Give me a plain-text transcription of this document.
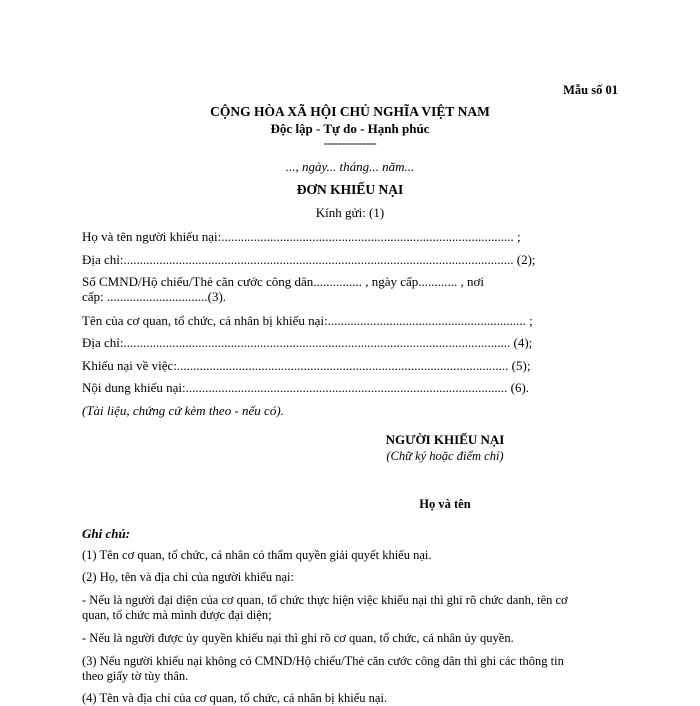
Mẫu số 01
CỘNG HÒA XÃ HỘI CHỦ NGHĨA VIỆT NAM
Độc lập - Tự do - Hạnh phúc
---------------
..., ngày... tháng... năm...
ĐƠN KHIẾU NẠI
Kính gửi: (1)
Họ và tên người khiếu nại:.......................................................................................... ;
Địa chỉ:........................................................................................................................ (2);
Số CMND/Hộ chiếu/Thẻ căn cước công dân............... , ngày cấp............ , nơi
cấp: ...............................(3).
Tên của cơ quan, tổ chức, cá nhân bị khiếu nại:............................................................. ;
Địa chỉ:....................................................................................................................... (4);
Khiếu nại về việc:...................................................................................................... (5);
Nội dung khiếu nại:................................................................................................... (6).
(Tài liệu, chứng cứ kèm theo - nếu có).
NGƯỜI KHIẾU NẠI
(Chữ ký hoặc điểm chỉ)
Họ và tên
Ghi chú:
(1) Tên cơ quan, tổ chức, cá nhân có thẩm quyền giải quyết khiếu nại.
(2) Họ, tên và địa chỉ của người khiếu nại:
- Nếu là người đại diện của cơ quan, tổ chức thực hiện việc khiếu nại thì ghi rõ chức danh, tên cơ
quan, tổ chức mà mình được đại diện;
- Nếu là người được ủy quyền khiếu nại thì ghi rõ cơ quan, tổ chức, cá nhân ủy quyền.
(3) Nếu người khiếu nại không có CMND/Hộ chiếu/Thẻ căn cước công dân thì ghi các thông tin
theo giấy tờ tùy thân.
(4) Tên và địa chỉ của cơ quan, tổ chức, cá nhân bị khiếu nại.
